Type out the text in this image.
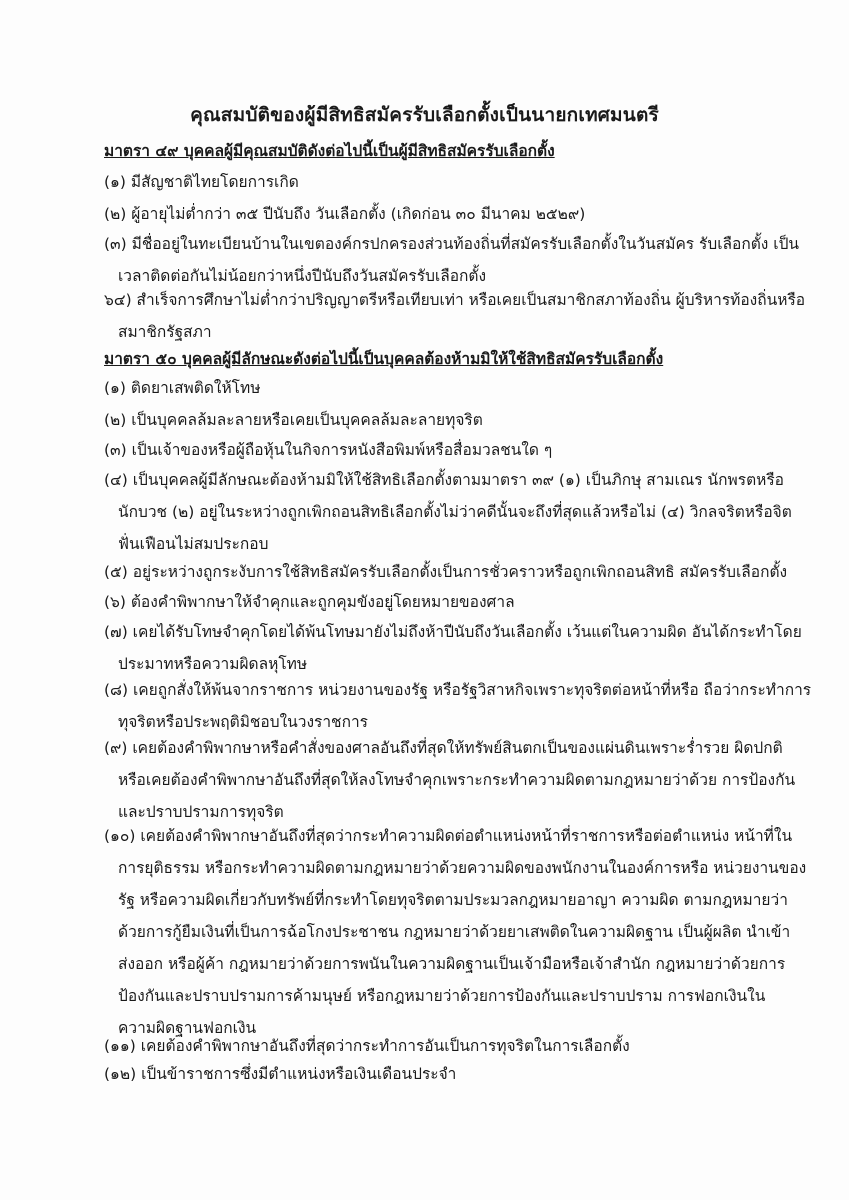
คุณสมบัติของผู้มีสิทธิสมัครรับเลือกตั้งเป็นนายกเทศมนตรี
มาตรา ๔๙ บุคคลผู้มีคุณสมบัติดังต่อไปนี้เป็นผู้มีสิทธิสมัครรับเลือกตั้ง
(๑) มีสัญชาติไทยโดยการเกิด
(๒) ผู้อายุไม่ต่ำกว่า ๓๕ ปีนับถึง วันเลือกตั้ง (เกิดก่อน ๓๐ มีนาคม ๒๕๒๙)
(๓) มีชื่ออยู่ในทะเบียนบ้านในเขตองค์กรปกครองส่วนท้องถิ่นที่สมัครรับเลือกตั้งในวันสมัคร รับเลือกตั้ง เป็น
เวลาติดต่อกันไม่น้อยกว่าหนึ่งปีนับถึงวันสมัครรับเลือกตั้ง
๖๔) สำเร็จการศึกษาไม่ต่ำกว่าปริญญาตรีหรือเทียบเท่า หรือเคยเป็นสมาชิกสภาท้องถิ่น ผู้บริหารท้องถิ่นหรือ
สมาชิกรัฐสภา
มาตรา ๕๐ บุคคลผู้มีลักษณะดังต่อไปนี้เป็นบุคคลต้องห้ามมิให้ใช้สิทธิสมัครรับเลือกตั้ง
(๑) ติดยาเสพติดให้โทษ
(๒) เป็นบุคคลล้มละลายหรือเคยเป็นบุคคลล้มละลายทุจริต
(๓) เป็นเจ้าของหรือผู้ถือหุ้นในกิจการหนังสือพิมพ์หรือสื่อมวลชนใด ๆ
(๔) เป็นบุคคลผู้มีลักษณะต้องห้ามมิให้ใช้สิทธิเลือกตั้งตามมาตรา ๓๙ (๑) เป็นภิกษุ สามเณร นักพรตหรือ
นักบวช (๒) อยู่ในระหว่างถูกเพิกถอนสิทธิเลือกตั้งไม่ว่าคดีนั้นจะถึงที่สุดแล้วหรือไม่ (๔) วิกลจริตหรือจิต
ฟั่นเฟือนไม่สมประกอบ
(๕) อยู่ระหว่างถูกระงับการใช้สิทธิสมัครรับเลือกตั้งเป็นการชั่วคราวหรือถูกเพิกถอนสิทธิ สมัครรับเลือกตั้ง
(๖) ต้องคำพิพากษาให้จำคุกและถูกคุมขังอยู่โดยหมายของศาล
(๗) เคยได้รับโทษจำคุกโดยได้พ้นโทษมายังไม่ถึงห้าปีนับถึงวันเลือกตั้ง เว้นแต่ในความผิด อันได้กระทำโดย
ประมาทหรือความผิดลหุโทษ
(๘) เคยถูกสั่งให้พ้นจากราชการ หน่วยงานของรัฐ หรือรัฐวิสาหกิจเพราะทุจริตต่อหน้าที่หรือ ถือว่ากระทำการ
ทุจริตหรือประพฤติมิชอบในวงราชการ
(๙) เคยต้องคำพิพากษาหรือคำสั่งของศาลอันถึงที่สุดให้ทรัพย์สินตกเป็นของแผ่นดินเพราะร่ำรวย ผิดปกติ
หรือเคยต้องคำพิพากษาอันถึงที่สุดให้ลงโทษจำคุกเพราะกระทำความผิดตามกฎหมายว่าด้วย การป้องกัน
และปราบปรามการทุจริต
(๑๐) เคยต้องคำพิพากษาอันถึงที่สุดว่ากระทำความผิดต่อตำแหน่งหน้าที่ราชการหรือต่อตำแหน่ง หน้าที่ใน
การยุติธรรม หรือกระทำความผิดตามกฎหมายว่าด้วยความผิดของพนักงานในองค์การหรือ หน่วยงานของ
รัฐ หรือความผิดเกี่ยวกับทรัพย์ที่กระทำโดยทุจริตตามประมวลกฎหมายอาญา ความผิด ตามกฎหมายว่า
ด้วยการกู้ยืมเงินที่เป็นการฉ้อโกงประชาชน กฎหมายว่าด้วยยาเสพติดในความผิดฐาน เป็นผู้ผลิต นำเข้า
ส่งออก หรือผู้ค้า กฎหมายว่าด้วยการพนันในความผิดฐานเป็นเจ้ามือหรือเจ้าสำนัก กฎหมายว่าด้วยการ
ป้องกันและปราบปรามการค้ามนุษย์ หรือกฎหมายว่าด้วยการป้องกันและปราบปราม การฟอกเงินใน
ความผิดฐานฟอกเงิน
(๑๑) เคยต้องคำพิพากษาอันถึงที่สุดว่ากระทำการอันเป็นการทุจริตในการเลือกตั้ง
(๑๒) เป็นข้าราชการซึ่งมีตำแหน่งหรือเงินเดือนประจำ
